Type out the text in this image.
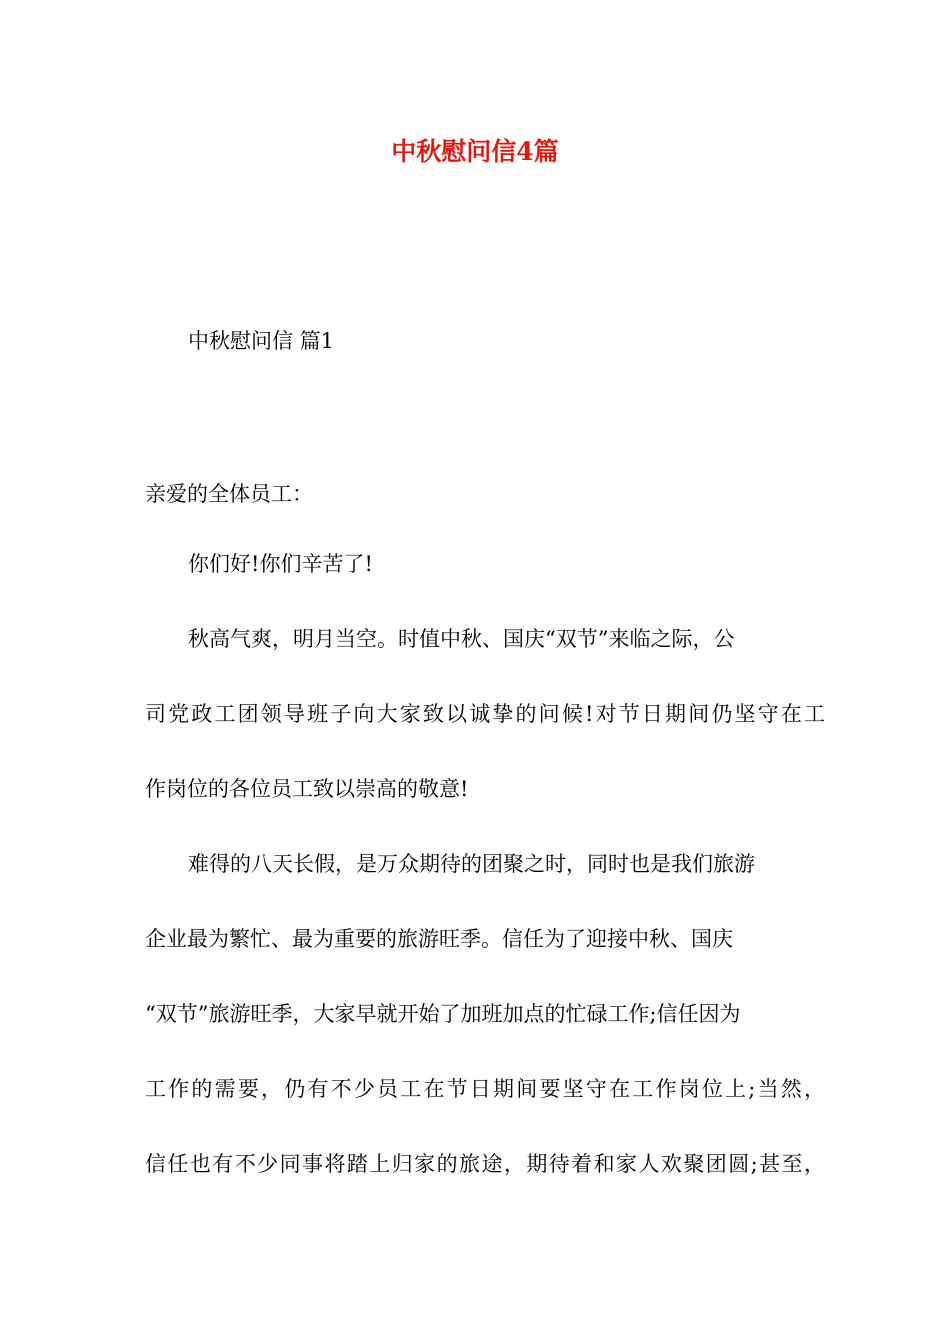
中秋慰问信4篇

中秋慰问信 篇1

亲爱的全体员工：

你们好!你们辛苦了!

秋高气爽，明月当空。时值中秋、国庆“双节”来临之际，公

司党政工团领导班子向大家致以诚挚的问候!对节日期间仍坚守在工

作岗位的各位员工致以崇高的敬意!

难得的八天长假，是万众期待的团聚之时，同时也是我们旅游

企业最为繁忙、最为重要的旅游旺季。信任为了迎接中秋、国庆

“双节”旅游旺季，大家早就开始了加班加点的忙碌工作;信任因为

工作的需要，仍有不少员工在节日期间要坚守在工作岗位上;当然，

信任也有不少同事将踏上归家的旅途，期待着和家人欢聚团圆;甚至，
